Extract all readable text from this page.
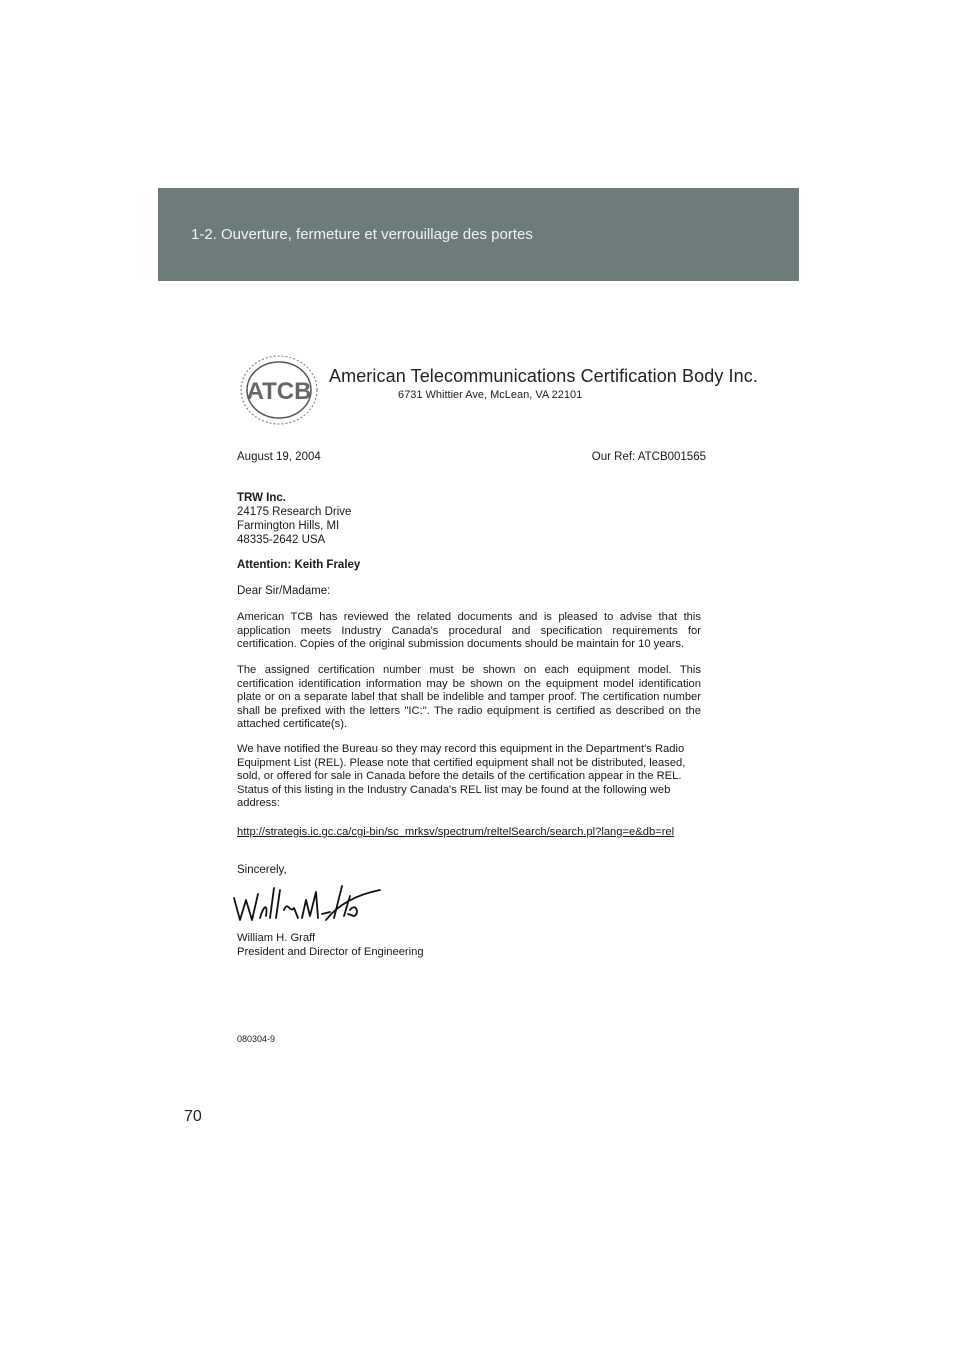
1-2. Ouverture, fermeture et verrouillage des portes
ATCB
American Telecommunications Certification Body Inc.
6731 Whittier Ave, McLean, VA 22101
August 19, 2004	Our Ref: ATCB001565
TRW Inc.
24175 Research Drive
Farmington Hills, MI
48335-2642 USA
Attention: Keith Fraley
Dear Sir/Madame:
American TCB has reviewed the related documents and is pleased to advise that this application meets Industry Canada's procedural and specification requirements for certification. Copies of the original submission documents should be maintain for 10 years.
The assigned certification number must be shown on each equipment model. This certification identification information may be shown on the equipment model identification plate or on a separate label that shall be indelible and tamper proof. The certification number shall be prefixed with the letters "IC:". The radio equipment is certified as described on the attached certificate(s).
We have notified the Bureau so they may record this equipment in the Department's Radio Equipment List (REL). Please note that certified equipment shall not be distributed, leased, sold, or offered for sale in Canada before the details of the certification appear in the REL. Status of this listing in the Industry Canada's REL list may be found at the following web address:
http://strategis.ic.gc.ca/cgi-bin/sc_mrksv/spectrum/reltelSearch/search.pl?lang=e&db=rel
Sincerely,
William H. Graff
President and Director of Engineering
080304-9
70
